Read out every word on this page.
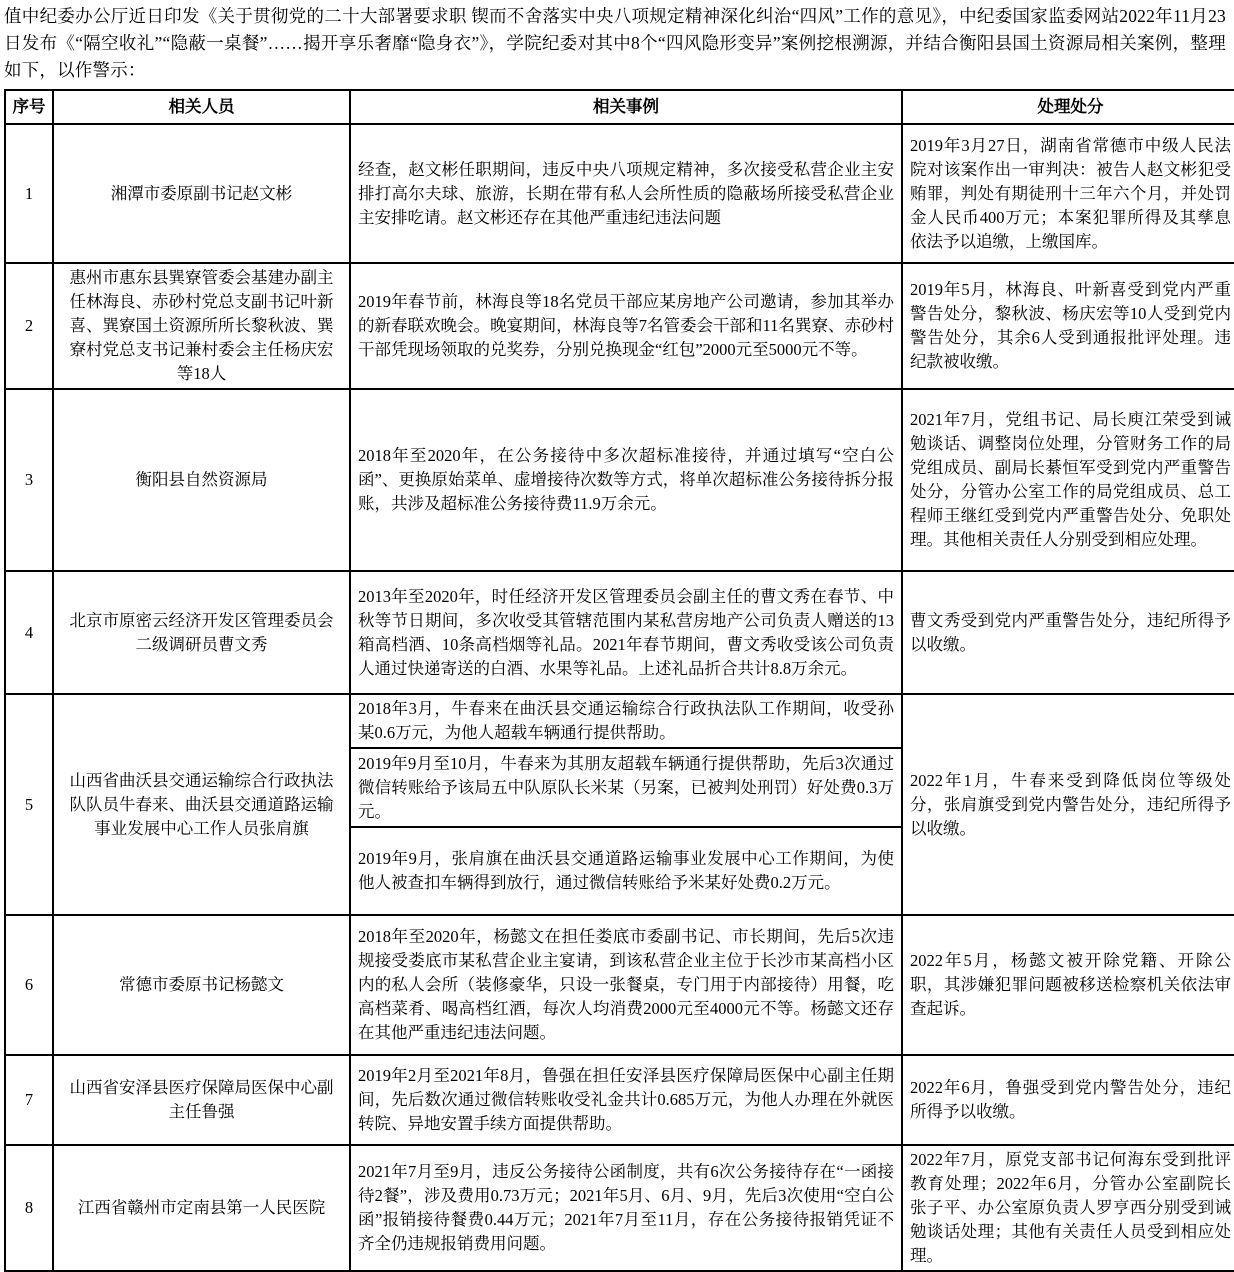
值中纪委办公厅近日印发《关于贯彻党的二十大部署要求职 锲而不舍落实中央八项规定精神深化纠治“四风”工作的意见》，中纪委国家监委网站2022年11月23日发布《“隔空收礼”“隐蔽一桌餐”……揭开享乐奢靡“隐身衣”》，学院纪委对其中8个“四风隐形变异”案例挖根溯源，并结合衡阳县国土资源局相关案例，整理如下，以作警示：

序号	相关人员	相关事例	处理处分
1	湘潭市委原副书记赵文彬	经查，赵文彬任职期间，违反中央八项规定精神，多次接受私营企业主安排打高尔夫球、旅游，长期在带有私人会所性质的隐蔽场所接受私营企业主安排吃请。赵文彬还存在其他严重违纪违法问题	2019年3月27日，湖南省常德市中级人民法院对该案作出一审判决：被告人赵文彬犯受贿罪，判处有期徒刑十三年六个月，并处罚金人民币400万元；本案犯罪所得及其孳息依法予以追缴，上缴国库。
2	惠州市惠东县巽寮管委会基建办副主任林海良、赤砂村党总支副书记叶新喜、巽寮国土资源所所长黎秋波、巽寮村党总支书记兼村委会主任杨庆宏等18人	2019年春节前，林海良等18名党员干部应某房地产公司邀请，参加其举办的新春联欢晚会。晚宴期间，林海良等7名管委会干部和11名巽寮、赤砂村干部凭现场领取的兑奖券，分别兑换现金“红包”2000元至5000元不等。	2019年5月，林海良、叶新喜受到党内严重警告处分，黎秋波、杨庆宏等10人受到党内警告处分，其余6人受到通报批评处理。违纪款被收缴。
3	衡阳县自然资源局	2018年至2020年，在公务接待中多次超标准接待，并通过填写“空白公函”、更换原始菜单、虚增接待次数等方式，将单次超标准公务接待拆分报账，共涉及超标准公务接待费11.9万余元。	2021年7月，党组书记、局长庾江荣受到诫勉谈话、调整岗位处理，分管财务工作的局党组成员、副局长綦恒军受到党内严重警告处分，分管办公室工作的局党组成员、总工程师王继红受到党内严重警告处分、免职处理。其他相关责任人分别受到相应处理。
4	北京市原密云经济开发区管理委员会二级调研员曹文秀	2013年至2020年，时任经济开发区管理委员会副主任的曹文秀在春节、中秋等节日期间，多次收受其管辖范围内某私营房地产公司负责人赠送的13箱高档酒、10条高档烟等礼品。2021年春节期间，曹文秀收受该公司负责人通过快递寄送的白酒、水果等礼品。上述礼品折合共计8.8万余元。	曹文秀受到党内严重警告处分，违纪所得予以收缴。
5	山西省曲沃县交通运输综合行政执法队队员牛春来、曲沃县交通道路运输事业发展中心工作人员张肩旗	2018年3月，牛春来在曲沃县交通运输综合行政执法队工作期间，收受孙某0.6万元，为他人超载车辆通行提供帮助。	2022年1月，牛春来受到降低岗位等级处分，张肩旗受到党内警告处分，违纪所得予以收缴。
		2019年9月至10月，牛春来为其朋友超载车辆通行提供帮助，先后3次通过微信转账给予该局五中队原队长米某（另案，已被判处刑罚）好处费0.3万元。	
		2019年9月，张肩旗在曲沃县交通道路运输事业发展中心工作期间，为使他人被查扣车辆得到放行，通过微信转账给予米某好处费0.2万元。	
6	常德市委原书记杨懿文	2018年至2020年，杨懿文在担任娄底市委副书记、市长期间，先后5次违规接受娄底市某私营企业主宴请，到该私营企业主位于长沙市某高档小区内的私人会所（装修豪华，只设一张餐桌，专门用于内部接待）用餐，吃高档菜肴、喝高档红酒，每次人均消费2000元至4000元不等。杨懿文还存在其他严重违纪违法问题。	2022年5月，杨懿文被开除党籍、开除公职，其涉嫌犯罪问题被移送检察机关依法审查起诉。
7	山西省安泽县医疗保障局医保中心副主任鲁强	2019年2月至2021年8月，鲁强在担任安泽县医疗保障局医保中心副主任期间，先后数次通过微信转账收受礼金共计0.685万元，为他人办理在外就医转院、异地安置手续方面提供帮助。	2022年6月，鲁强受到党内警告处分，违纪所得予以收缴。
8	江西省赣州市定南县第一人民医院	2021年7月至9月，违反公务接待公函制度，共有6次公务接待存在“一函接待2餐”，涉及费用0.73万元；2021年5月、6月、9月，先后3次使用“空白公函”报销接待餐费0.44万元；2021年7月至11月，存在公务接待报销凭证不齐全仍违规报销费用问题。	2022年7月，原党支部书记何海东受到批评教育处理；2022年6月，分管办公室副院长张子平、办公室原负责人罗亨西分别受到诫勉谈话处理；其他有关责任人员受到相应处理。
